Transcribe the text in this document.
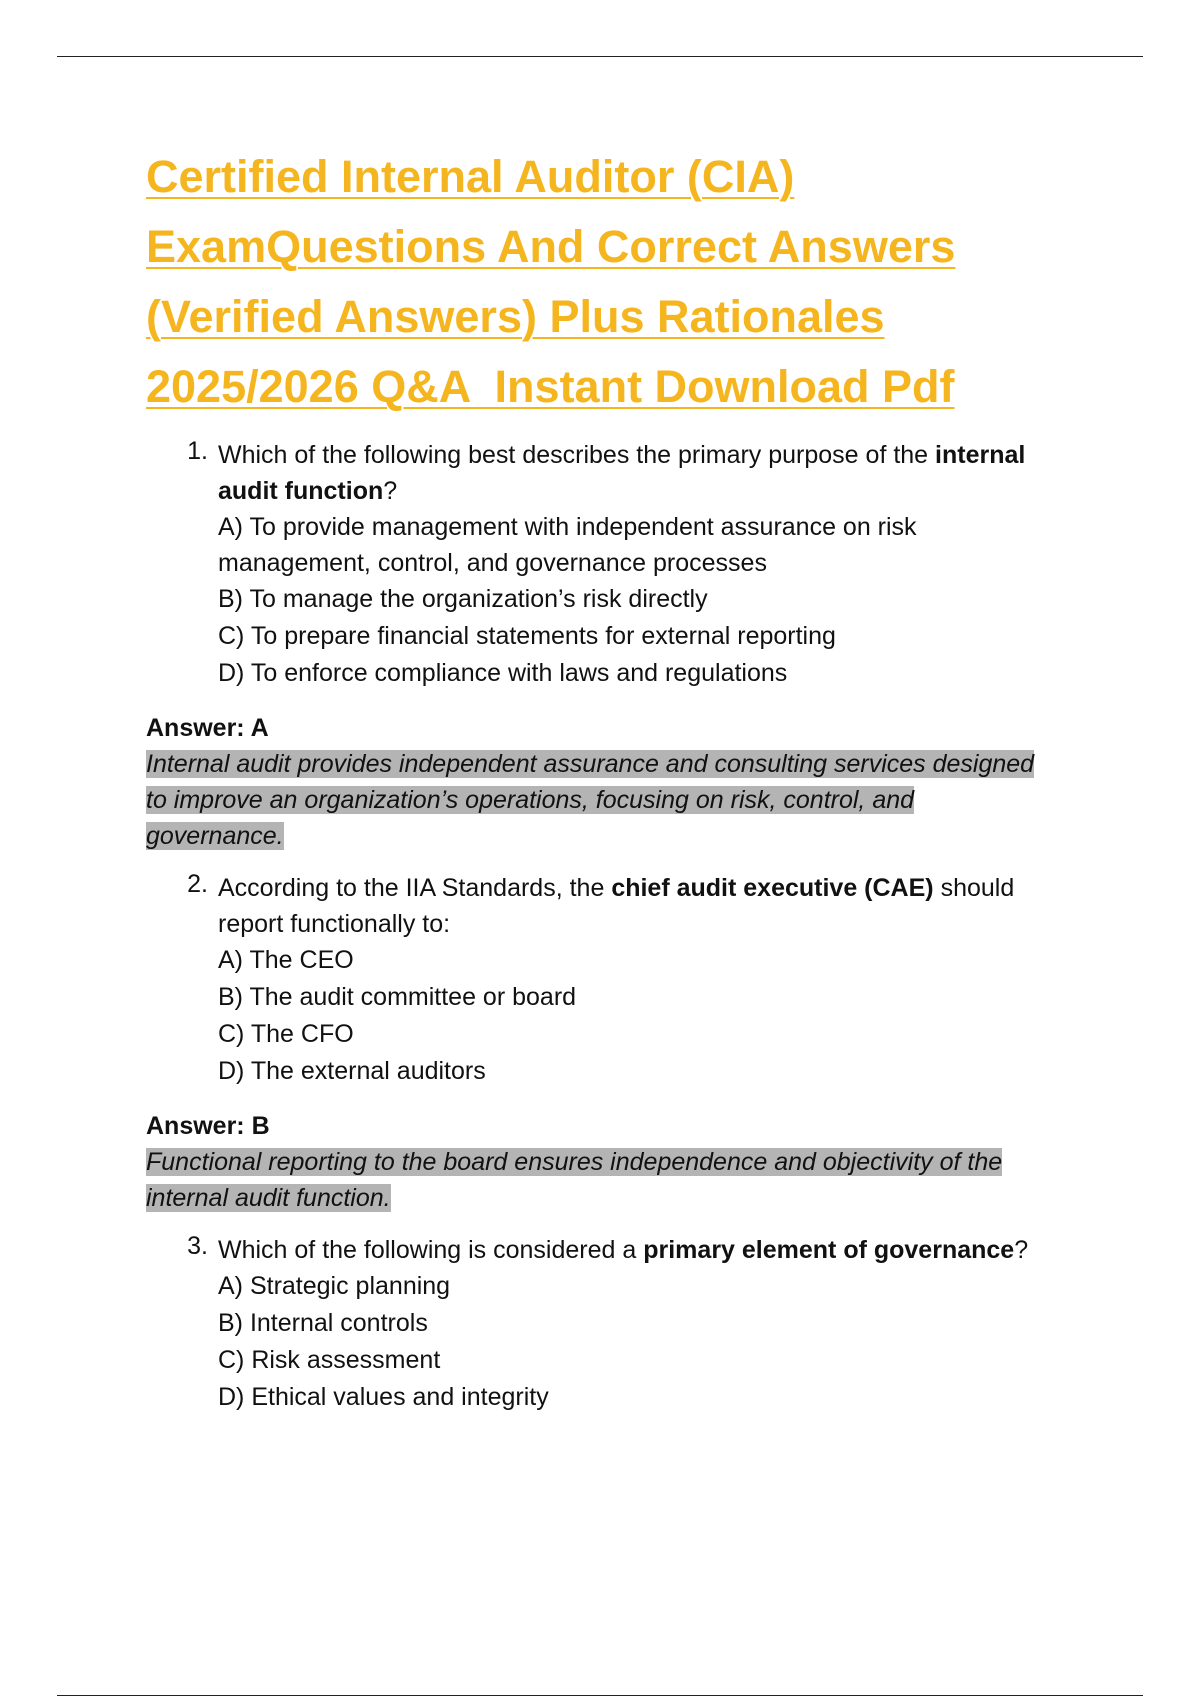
Certified Internal Auditor (CIA)
ExamQuestions And Correct Answers
(Verified Answers) Plus Rationales
2025/2026 Q&A  Instant Download Pdf
1. Which of the following best describes the primary purpose of the internal audit function?
A) To provide management with independent assurance on risk management, control, and governance processes
B) To manage the organization’s risk directly
C) To prepare financial statements for external reporting
D) To enforce compliance with laws and regulations
Answer: A
Internal audit provides independent assurance and consulting services designed to improve an organization’s operations, focusing on risk, control, and governance.
2. According to the IIA Standards, the chief audit executive (CAE) should report functionally to:
A) The CEO
B) The audit committee or board
C) The CFO
D) The external auditors
Answer: B
Functional reporting to the board ensures independence and objectivity of the internal audit function.
3. Which of the following is considered a primary element of governance?
A) Strategic planning
B) Internal controls
C) Risk assessment
D) Ethical values and integrity
